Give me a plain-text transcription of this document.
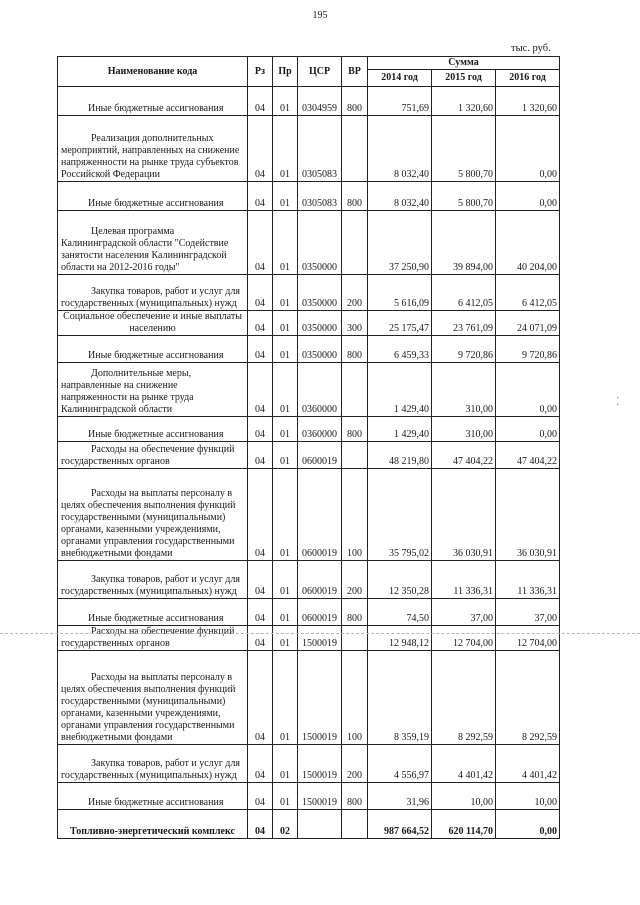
195
тыс. руб.
Наименование кода	Рз	Пр	ЦСР	ВР	Сумма		
					2014 год	2015 год	2016 год
Иные бюджетные ассигнования	04	01	0304959	800	751,69	1 320,60	1 320,60
Реализация дополнительных мероприятий, направленных на снижение напряженности на рынке труда субъектов Российской Федерации	04	01	0305083		8 032,40	5 800,70	0,00
Иные бюджетные ассигнования	04	01	0305083	800	8 032,40	5 800,70	0,00
Целевая программа Калининградской области "Содействие занятости населения Калининградской области на 2012-2016 годы"	04	01	0350000		37 250,90	39 894,00	40 204,00
Закупка товаров, работ и услуг для государственных (муниципальных) нужд	04	01	0350000	200	5 616,09	6 412,05	6 412,05
Социальное обеспечение и иные выплаты населению	04	01	0350000	300	25 175,47	23 761,09	24 071,09
Иные бюджетные ассигнования	04	01	0350000	800	6 459,33	9 720,86	9 720,86
Дополнительные меры, направленные на снижение напряженности на рынке труда Калининградской области	04	01	0360000		1 429,40	310,00	0,00
Иные бюджетные ассигнования	04	01	0360000	800	1 429,40	310,00	0,00
Расходы на обеспечение функций государственных органов	04	01	0600019		48 219,80	47 404,22	47 404,22
Расходы на выплаты персоналу в целях обеспечения выполнения функций государственными (муниципальными) органами, казенными учреждениями, органами управления государственными внебюджетными фондами	04	01	0600019	100	35 795,02	36 030,91	36 030,91
Закупка товаров, работ и услуг для государственных (муниципальных) нужд	04	01	0600019	200	12 350,28	11 336,31	11 336,31
Иные бюджетные ассигнования	04	01	0600019	800	74,50	37,00	37,00
Расходы на обеспечение функций государственных органов	04	01	1500019		12 948,12	12 704,00	12 704,00
Расходы на выплаты персоналу в целях обеспечения выполнения функций государственными (муниципальными) органами, казенными учреждениями, органами управления государственными внебюджетными фондами	04	01	1500019	100	8 359,19	8 292,59	8 292,59
Закупка товаров, работ и услуг для государственных (муниципальных) нужд	04	01	1500019	200	4 556,97	4 401,42	4 401,42
Иные бюджетные ассигнования	04	01	1500019	800	31,96	10,00	10,00
Топливно-энергетический комплекс	04	02			987 664,52	620 114,70	0,00
⁚
